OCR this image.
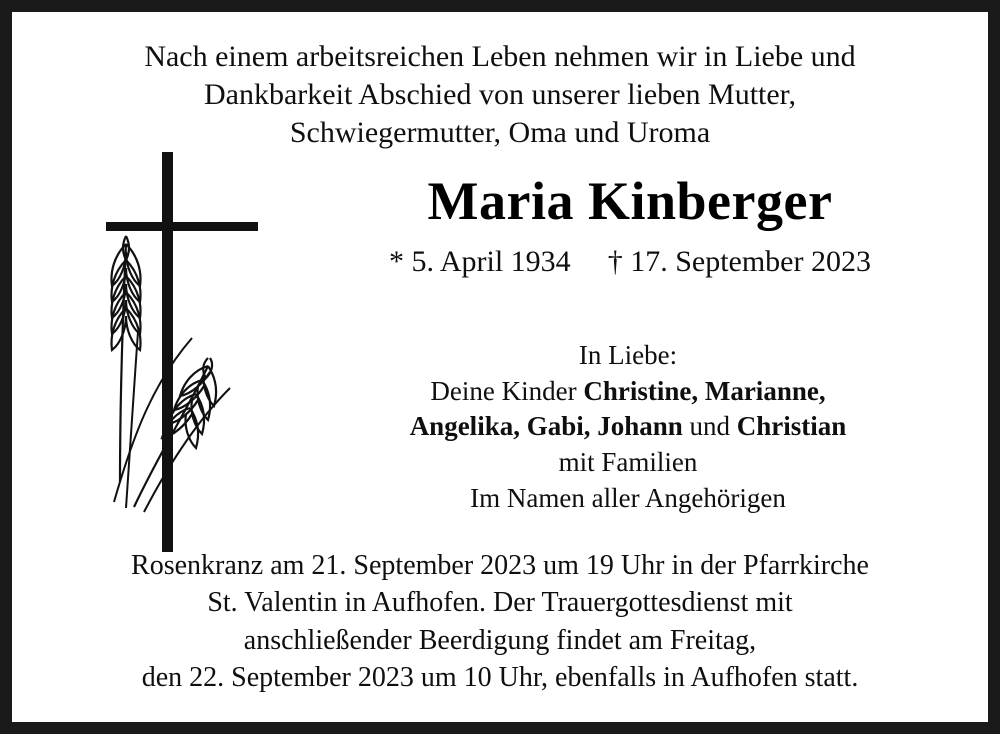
Nach einem arbeitsreichen Leben nehmen wir in Liebe und
Dankbarkeit Abschied von unserer lieben Mutter,
Schwiegermutter, Oma und Uroma
Maria Kinberger
* 5. April 1934 † 17. September 2023
In Liebe:
Deine Kinder Christine, Marianne,
Angelika, Gabi, Johann und Christian
mit Familien
Im Namen aller Angehörigen
Rosenkranz am 21. September 2023 um 19 Uhr in der Pfarrkirche
St. Valentin in Aufhofen. Der Trauergottesdienst mit
anschließender Beerdigung findet am Freitag,
den 22. September 2023 um 10 Uhr, ebenfalls in Aufhofen statt.
